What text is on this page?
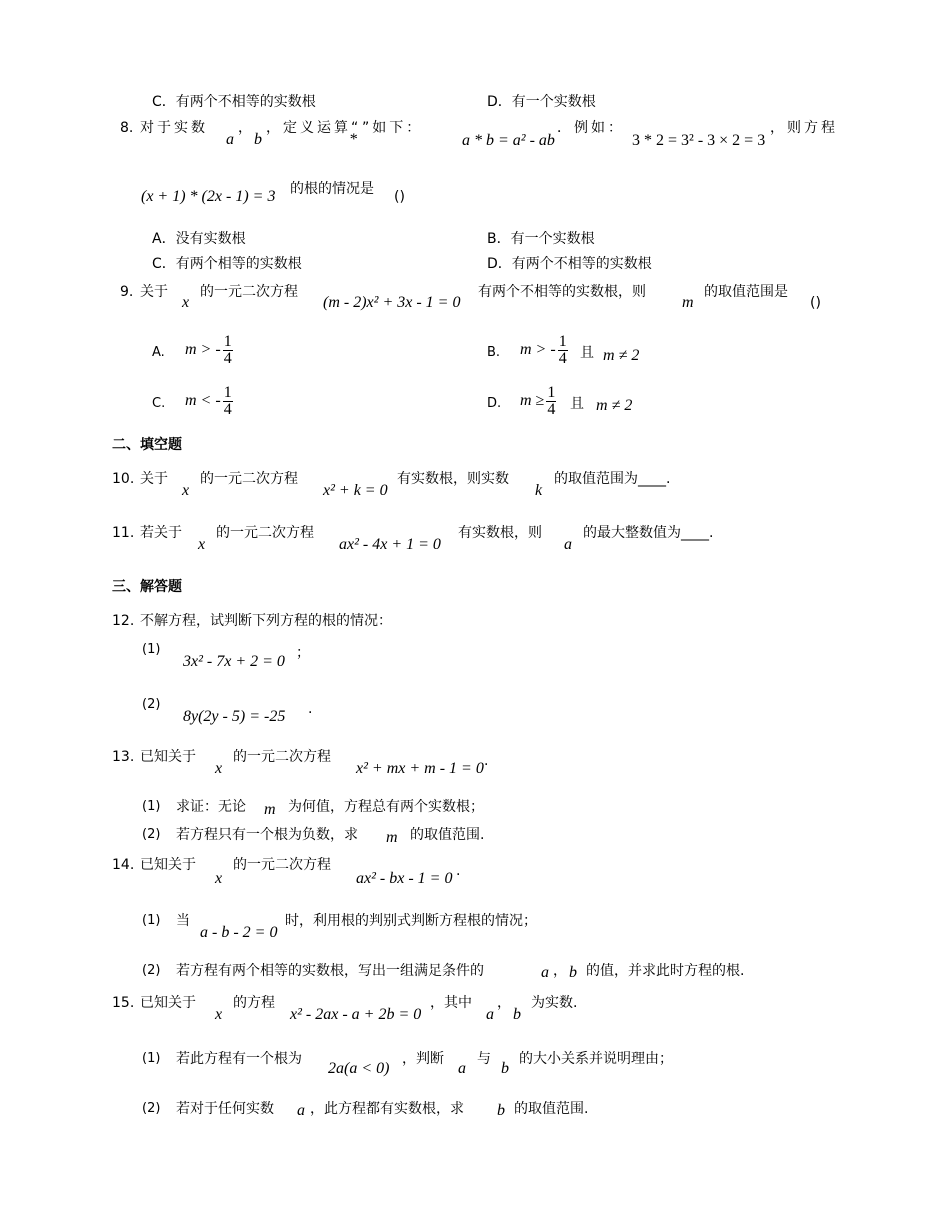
C．有两个不相等的实数根	D．有一个实数根
8. 对于实数
a
，
b
，定义运算“
*
”如下：
a * b = a² - ab
．例如：
3 * 2 = 3² - 3 × 2 = 3
，则方程
(x + 1) * (2x - 1) = 3 的根的情况是 ()
A．没有实数根	B．有一个实数根
C．有两个相等的实数根	D．有两个不相等的实数根
9. 关于
x
的一元二次方程
(m - 2)x² + 3x - 1 = 0
有两个不相等的实数根，则
m
的取值范围是
()
A. m > - $\frac{1}{4}$	B. m > - $\frac{1}{4}$ 且 m ≠ 2
C. m < - $\frac{1}{4}$	D. $m \ge \frac{1}{4}$ 且 m ≠ 2
二、填空题
10. 关于
x
的一元二次方程
x² + k = 0
有实数根，则实数
k
的取值范围为____.
11. 若关于
x
的一元二次方程
ax² - 4x + 1 = 0
有实数根，则
a
的最大整数值为____.
三、解答题
12. 不解方程，试判断下列方程的根的情况：
(1)
3x² - 7x + 2 = 0 ；
(2)
8y(2y - 5) = -25 .
13. 已知关于
x
的一元二次方程
x² + mx + m - 1 = 0 .
(1) 求证：无论 m 为何值，方程总有两个实数根；
(2) 若方程只有一个根为负数，求 m 的取值范围.
14. 已知关于
x
的一元二次方程
ax² - bx - 1 = 0 .
(1) 当
a - b - 2 = 0
时，利用根的判别式判断方程根的情况；
(2) 若方程有两个相等的实数根，写出一组满足条件的	a ， b 的值，并求此时方程的根.
15. 已知关于
x
的方程
x² - 2ax - a + 2b = 0
，其中
a
，
b
为实数.
(1) 若此方程有一个根为
2a(a < 0)
，判断
a
与
b
的大小关系并说明理由；
(2) 若对于任何实数 a ，此方程都有实数根，求 b 的取值范围.
